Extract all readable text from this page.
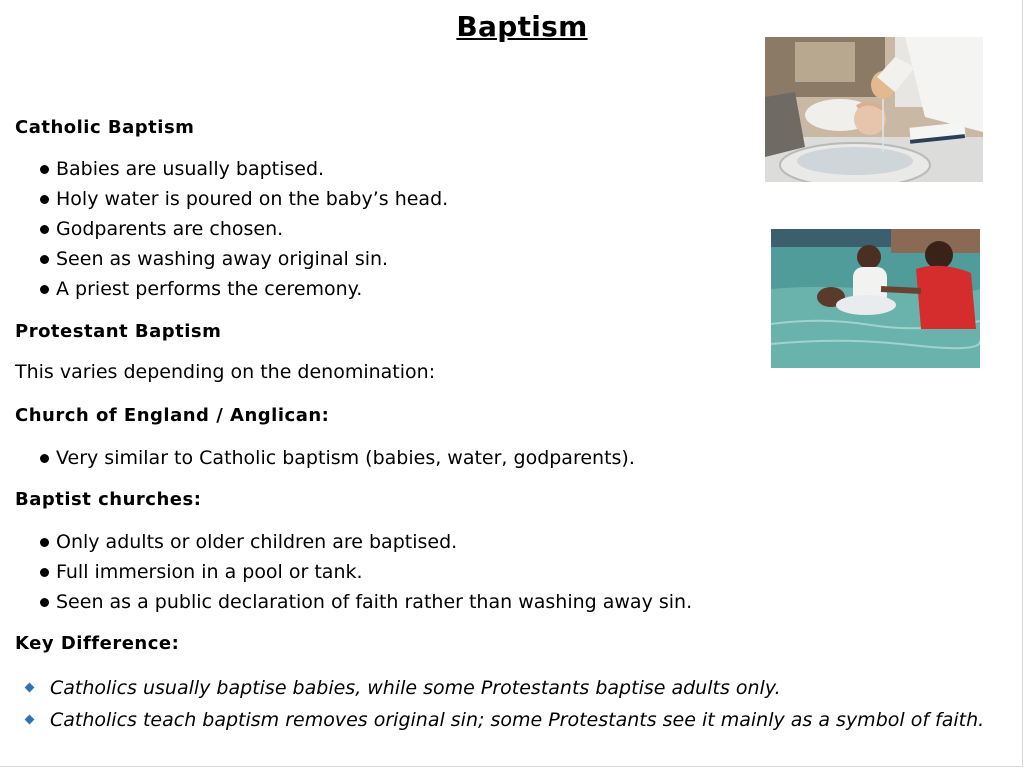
Baptism
Catholic Baptism
Babies are usually baptised.
Holy water is poured on the baby’s head.
Godparents are chosen.
Seen as washing away original sin.
A priest performs the ceremony.
Protestant Baptism
This varies depending on the denomination:
Church of England / Anglican:
Very similar to Catholic baptism (babies, water, godparents).
Baptist churches:
Only adults or older children are baptised.
Full immersion in a pool or tank.
Seen as a public declaration of faith rather than washing away sin.
Key Difference:
Catholics usually baptise babies, while some Protestants baptise adults only.
Catholics teach baptism removes original sin; some Protestants see it mainly as a symbol of faith.
